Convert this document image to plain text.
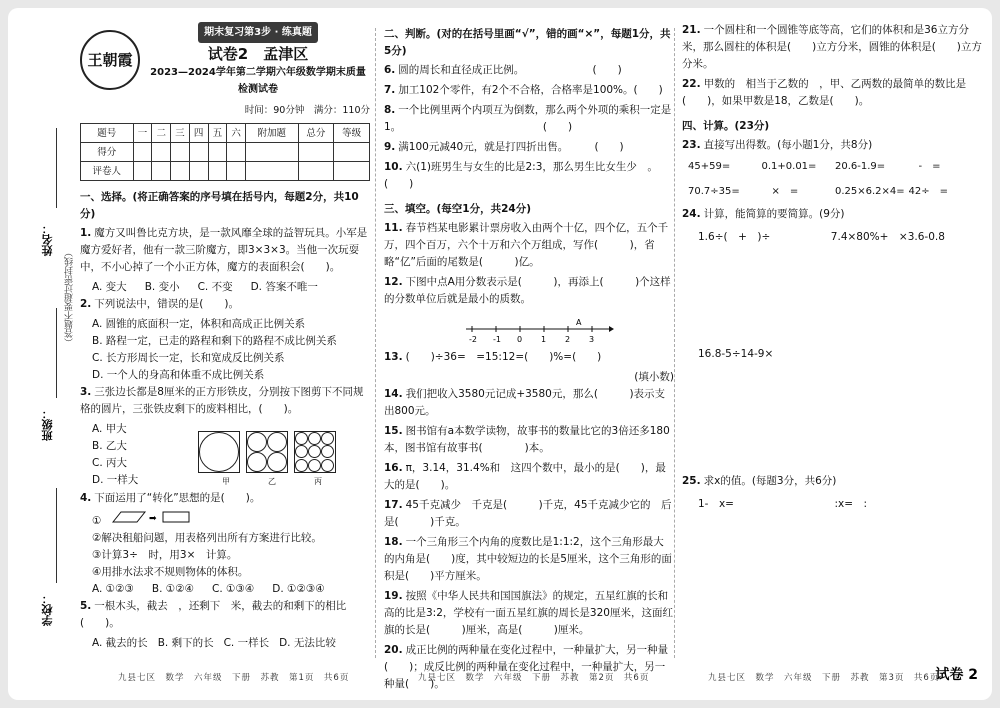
姓名：
班级：
学校：
（答题不要超过密封线）
王朝霞
期末复习第3步 · 练真题
试卷2　孟津区
2023—2024学年第二学期六年级数学期末质量检测试卷
时间：90分钟　满分：110分
题号	一	二	三	四	五	六	附加题	总分	等级
得分									
评卷人									
一、选择。(将正确答案的序号填在括号内，每题2分，共10分)
1. 魔方又叫鲁比克方块，是一款风靡全球的益智玩具。小军是魔方爱好者，他有一款三阶魔方，即3×3×3。当他一次玩耍中，不小心掉了一个小正方体，魔方的表面积会(　　)。
A. 变大 B. 变小 C. 不变 D. 答案不唯一
2. 下列说法中，错误的是(　　)。
A. 圆锥的底面积一定，体积和高成正比例关系
B. 路程一定，已走的路程和剩下的路程不成比例关系
C. 长方形周长一定，长和宽成反比例关系
D. 一个人的身高和体重不成比例关系
3. 三张边长都是8厘米的正方形铁皮，分别按下图剪下不同规格的圆片，三张铁皮剩下的废料相比，(　　)。
A. 甲大
B. 乙大
C. 丙大
D. 一样大	甲	乙	丙
4. 下面运用了“转化”思想的是(　　)。
①	➡
②解决租船问题，用表格列出所有方案进行比较。
③计算3÷　时，用3×　计算。
④用排水法求不规则物体的体积。
A. ①②③ B. ①②④ C. ①③④ D. ①②③④
5. 一根木头，截去　，还剩下　米，截去的和剩下的相比(　　)。
A. 截去的长 B. 剩下的长 C. 一样长 D. 无法比较
二、判断。(对的在括号里画“√”，错的画“×”，每题1分，共5分)
6. 圆的周长和直径成正比例。　　　　　　　(　　)
7. 加工102个零件，有2个不合格，合格率是100%。(　　)
8. 一个比例里两个内项互为倒数，那么两个外项的乘积一定是1。　　　　　　　　　　　　　　(　　)
9. 满100元减40元，就是打四折出售。　　　(　　)
10. 六(1)班男生与女生的比是2:3，那么男生比女生少　。(　　)
三、填空。(每空1分，共24分)
11. 春节档某电影累计票房收入由两个十亿，四个亿，五个千万，四个百万，六个十万和六个万组成，写作(　　　)，省略“亿”后面的尾数是(　　　)亿。
12. 下图中点A用分数表示是(　　　)，再添上(　　　)个这样的分数单位后就是最小的质数。
-2 -1 0 1 2 3
A
13. (　　)÷36=　=15:12=(　　)%=(　　)
(填小数)
14. 我们把收入3580元记成+3580元，那么(　　　)表示支出800元。
15. 图书馆有a本数学读物，故事书的数量比它的3倍还多180本，图书馆有故事书(　　　　)本。
16. π，3.14，31.4%和　这四个数中，最小的是(　　)，最大的是(　　)。
17. 45千克减少　千克是(　　　)千克，45千克减少它的　后是(　　　)千克。
18. 一个三角形三个内角的度数比是1:1:2，这个三角形最大的内角是(　　)度，其中较短边的长是5厘米，这个三角形的面积是(　　)平方厘米。
19. 按照《中华人民共和国国旗法》的规定，五星红旗的长和高的比是3:2，学校有一面五星红旗的周长是320厘米，这面红旗的长是(　　　)厘米，高是(　　　)厘米。
20. 成正比例的两种量在变化过程中，一种量扩大，另一种量(　　)；成反比例的两种量在变化过程中，一种量扩大，另一种量(　　)。
21. 一个圆柱和一个圆锥等底等高，它们的体积和是36立方分米，那么圆柱的体积是(　　)立方分米，圆锥的体积是(　　)立方分米。
22. 甲数的　相当于乙数的　，甲、乙两数的最简单的数比是(　　)，如果甲数是18，乙数是(　　)。
四、计算。(23分)
23. 直接写出得数。(每小题1分，共8分)
45+59=	0.1+0.01=	20.6-1.9=	　-　=
70.7÷35=	　×　=	0.25×6.2×4= 42÷　=
24. 计算，能简算的要简算。(9分)
1.6÷(　+　)÷　	7.4×80%+　×3.6-0.8
16.8-5÷14-9×
25. 求x的值。(每题3分，共6分)
1-　x=	　:x=　:
九县七区　数学　六年级　下册　苏教　第1页　共6页	九县七区　数学　六年级　下册　苏教　第2页　共6页	九县七区　数学　六年级　下册　苏教　第3页　共6页
试卷 2
